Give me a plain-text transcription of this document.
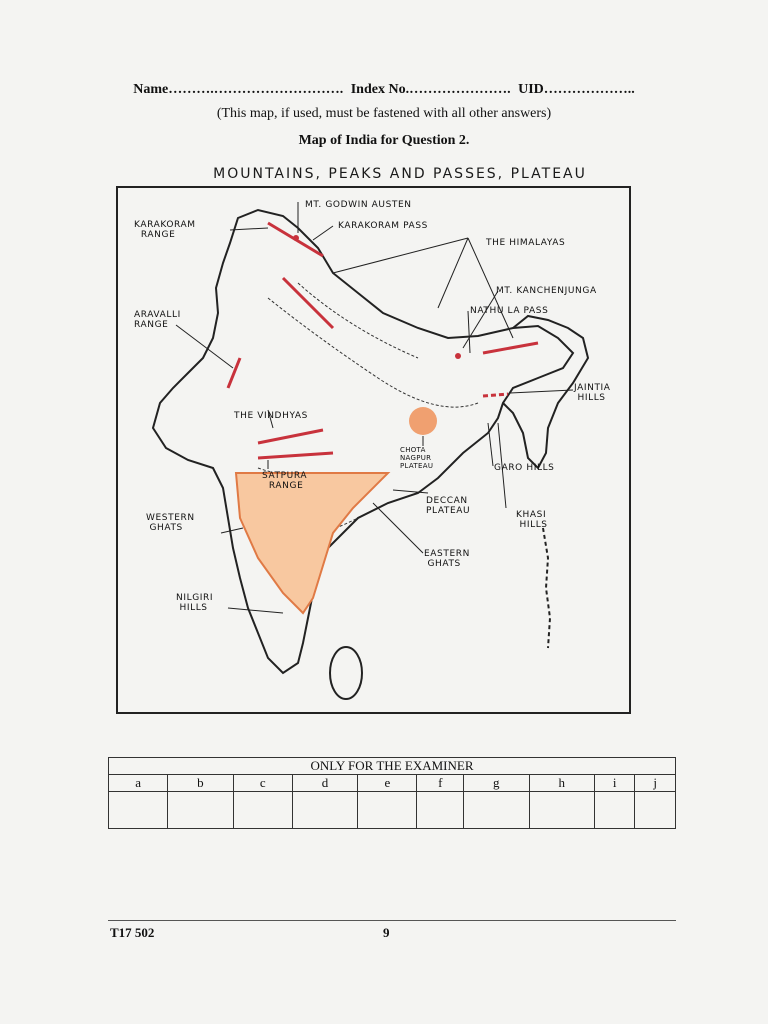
Name……….………………………. Index No.…………………. UID………………..
(This map, if used, must be fastened with all other answers)
Map of India for Question 2.
MOUNTAINS, PEAKS AND PASSES, PLATEAU
MT. GODWIN AUSTEN
KARAKORAM
RANGE
KARAKORAM PASS
THE HIMALAYAS
MT. KANCHENJUNGA
NATHU LA PASS
ARAVALLI
RANGE
JAINTIA
HILLS
THE VINDHYAS
CHOTA
NAGPUR
PLATEAU
SATPURA
RANGE
GARO HILLS
DECCAN
PLATEAU
WESTERN
GHATS
KHASI
HILLS
EASTERN
GHATS
NILGIRI
HILLS
ONLY FOR THE EXAMINER									
a	b	c	d	e	f	g	h	i	j

T17 502	9
